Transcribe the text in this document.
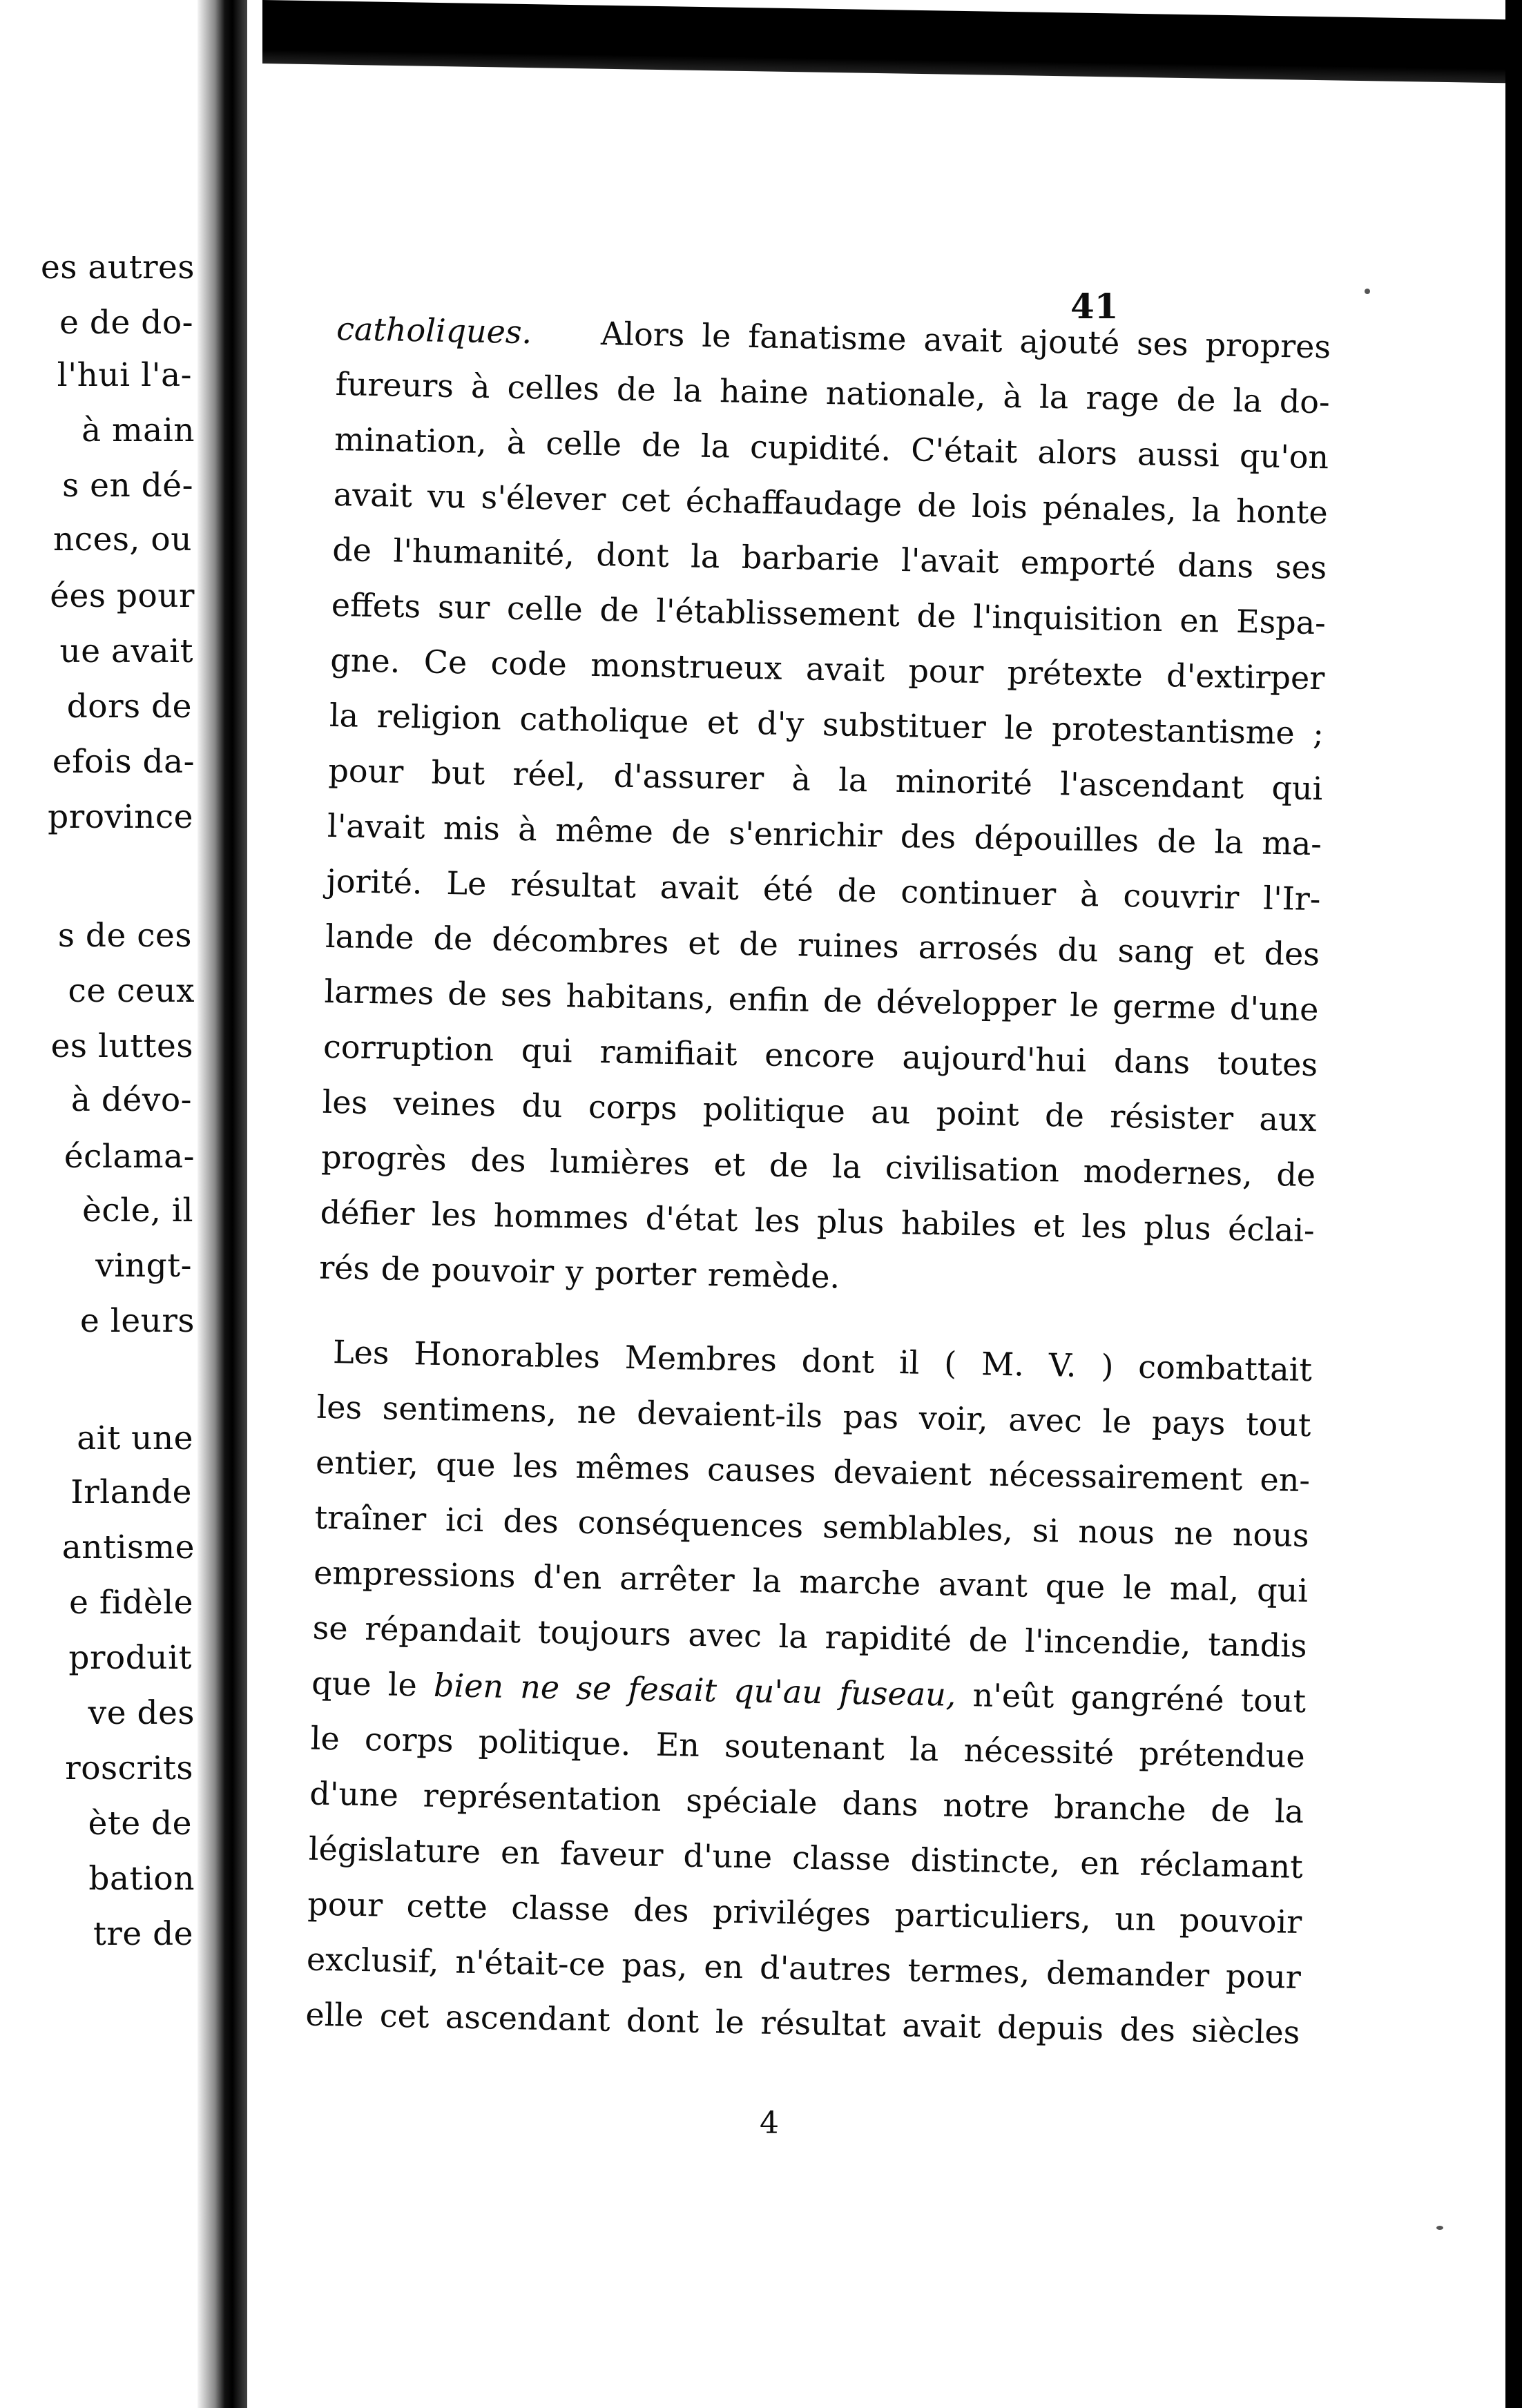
es autres
e de do-
l'hui l'a-
à main
s en dé-
nces, ou
ées pour
ue avait
dors de
efois da-
province
s de ces
ce ceux
es luttes
à dévo-
éclama-
ècle, il
vingt-
e leurs
ait une
Irlande
antisme
e fidèle
produit
ve des
roscrits
ète de
bation
tre de
41
catholiques. Alors le fanatisme avait ajouté ses propres
fureurs à celles de la haine nationale, à la rage de la do-
mination, à celle de la cupidité. C'était alors aussi qu'on
avait vu s'élever cet échaffaudage de lois pénales, la honte
de l'humanité, dont la barbarie l'avait emporté dans ses
effets sur celle de l'établissement de l'inquisition en Espa-
gne. Ce code monstrueux avait pour prétexte d'extirper
la religion catholique et d'y substituer le protestantisme ;
pour but réel, d'assurer à la minorité l'ascendant qui
l'avait mis à même de s'enrichir des dépouilles de la ma-
jorité. Le résultat avait été de continuer à couvrir l'Ir-
lande de décombres et de ruines arrosés du sang et des
larmes de ses habitans, enfin de développer le germe d'une
corruption qui ramifiait encore aujourd'hui dans toutes
les veines du corps politique au point de résister aux
progrès des lumières et de la civilisation modernes, de
défier les hommes d'état les plus habiles et les plus éclai-
rés de pouvoir y porter remède.
Les Honorables Membres dont il ( M. V. ) combattait
les sentimens, ne devaient-ils pas voir, avec le pays tout
entier, que les mêmes causes devaient nécessairement en-
traîner ici des conséquences semblables, si nous ne nous
empressions d'en arrêter la marche avant que le mal, qui
se répandait toujours avec la rapidité de l'incendie, tandis
que le bien ne se fesait qu'au fuseau, n'eût gangréné tout
le corps politique. En soutenant la nécessité prétendue
d'une représentation spéciale dans notre branche de la
législature en faveur d'une classe distincte, en réclamant
pour cette classe des priviléges particuliers, un pouvoir
exclusif, n'était-ce pas, en d'autres termes, demander pour
elle cet ascendant dont le résultat avait depuis des siècles
4
